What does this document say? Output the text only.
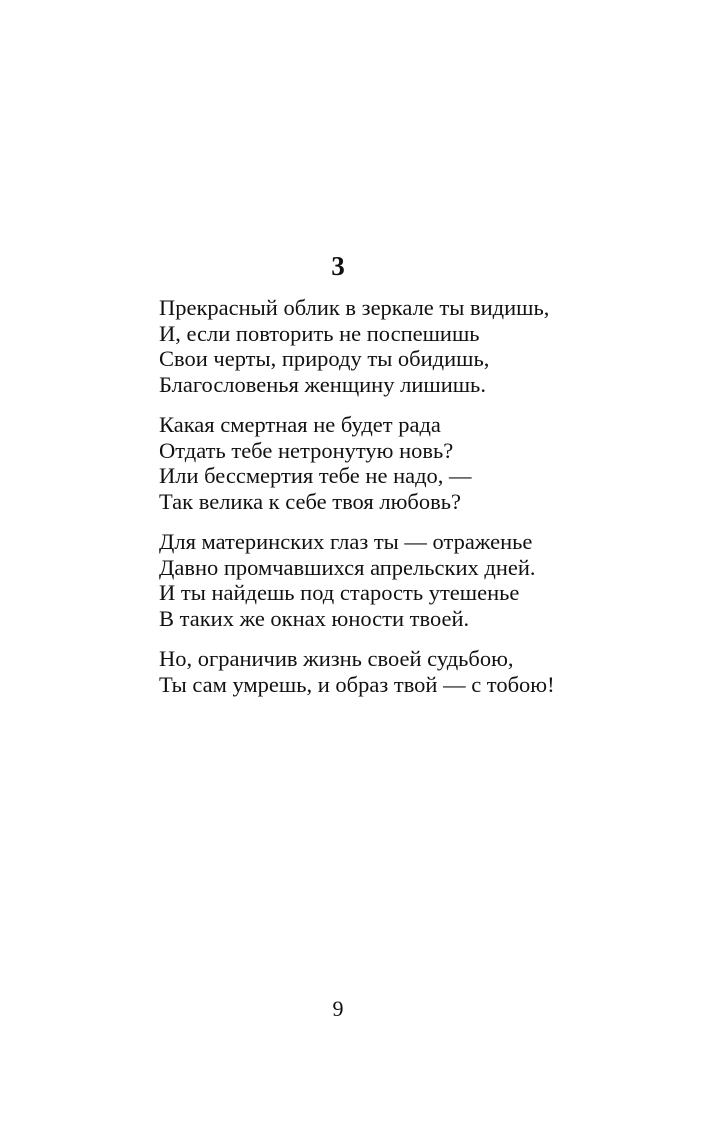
3
Прекрасный облик в зеркале ты видишь,
И, если повторить не поспешишь
Свои черты, природу ты обидишь,
Благословенья женщину лишишь.
Какая смертная не будет рада
Отдать тебе нетронутую новь?
Или бессмертия тебе не надо, —
Так велика к себе твоя любовь?
Для материнских глаз ты — отраженье
Давно промчавшихся апрельских дней.
И ты найдешь под старость утешенье
В таких же окнах юности твоей.
Но, ограничив жизнь своей судьбою,
Ты сам умрешь, и образ твой — с тобою!
9
